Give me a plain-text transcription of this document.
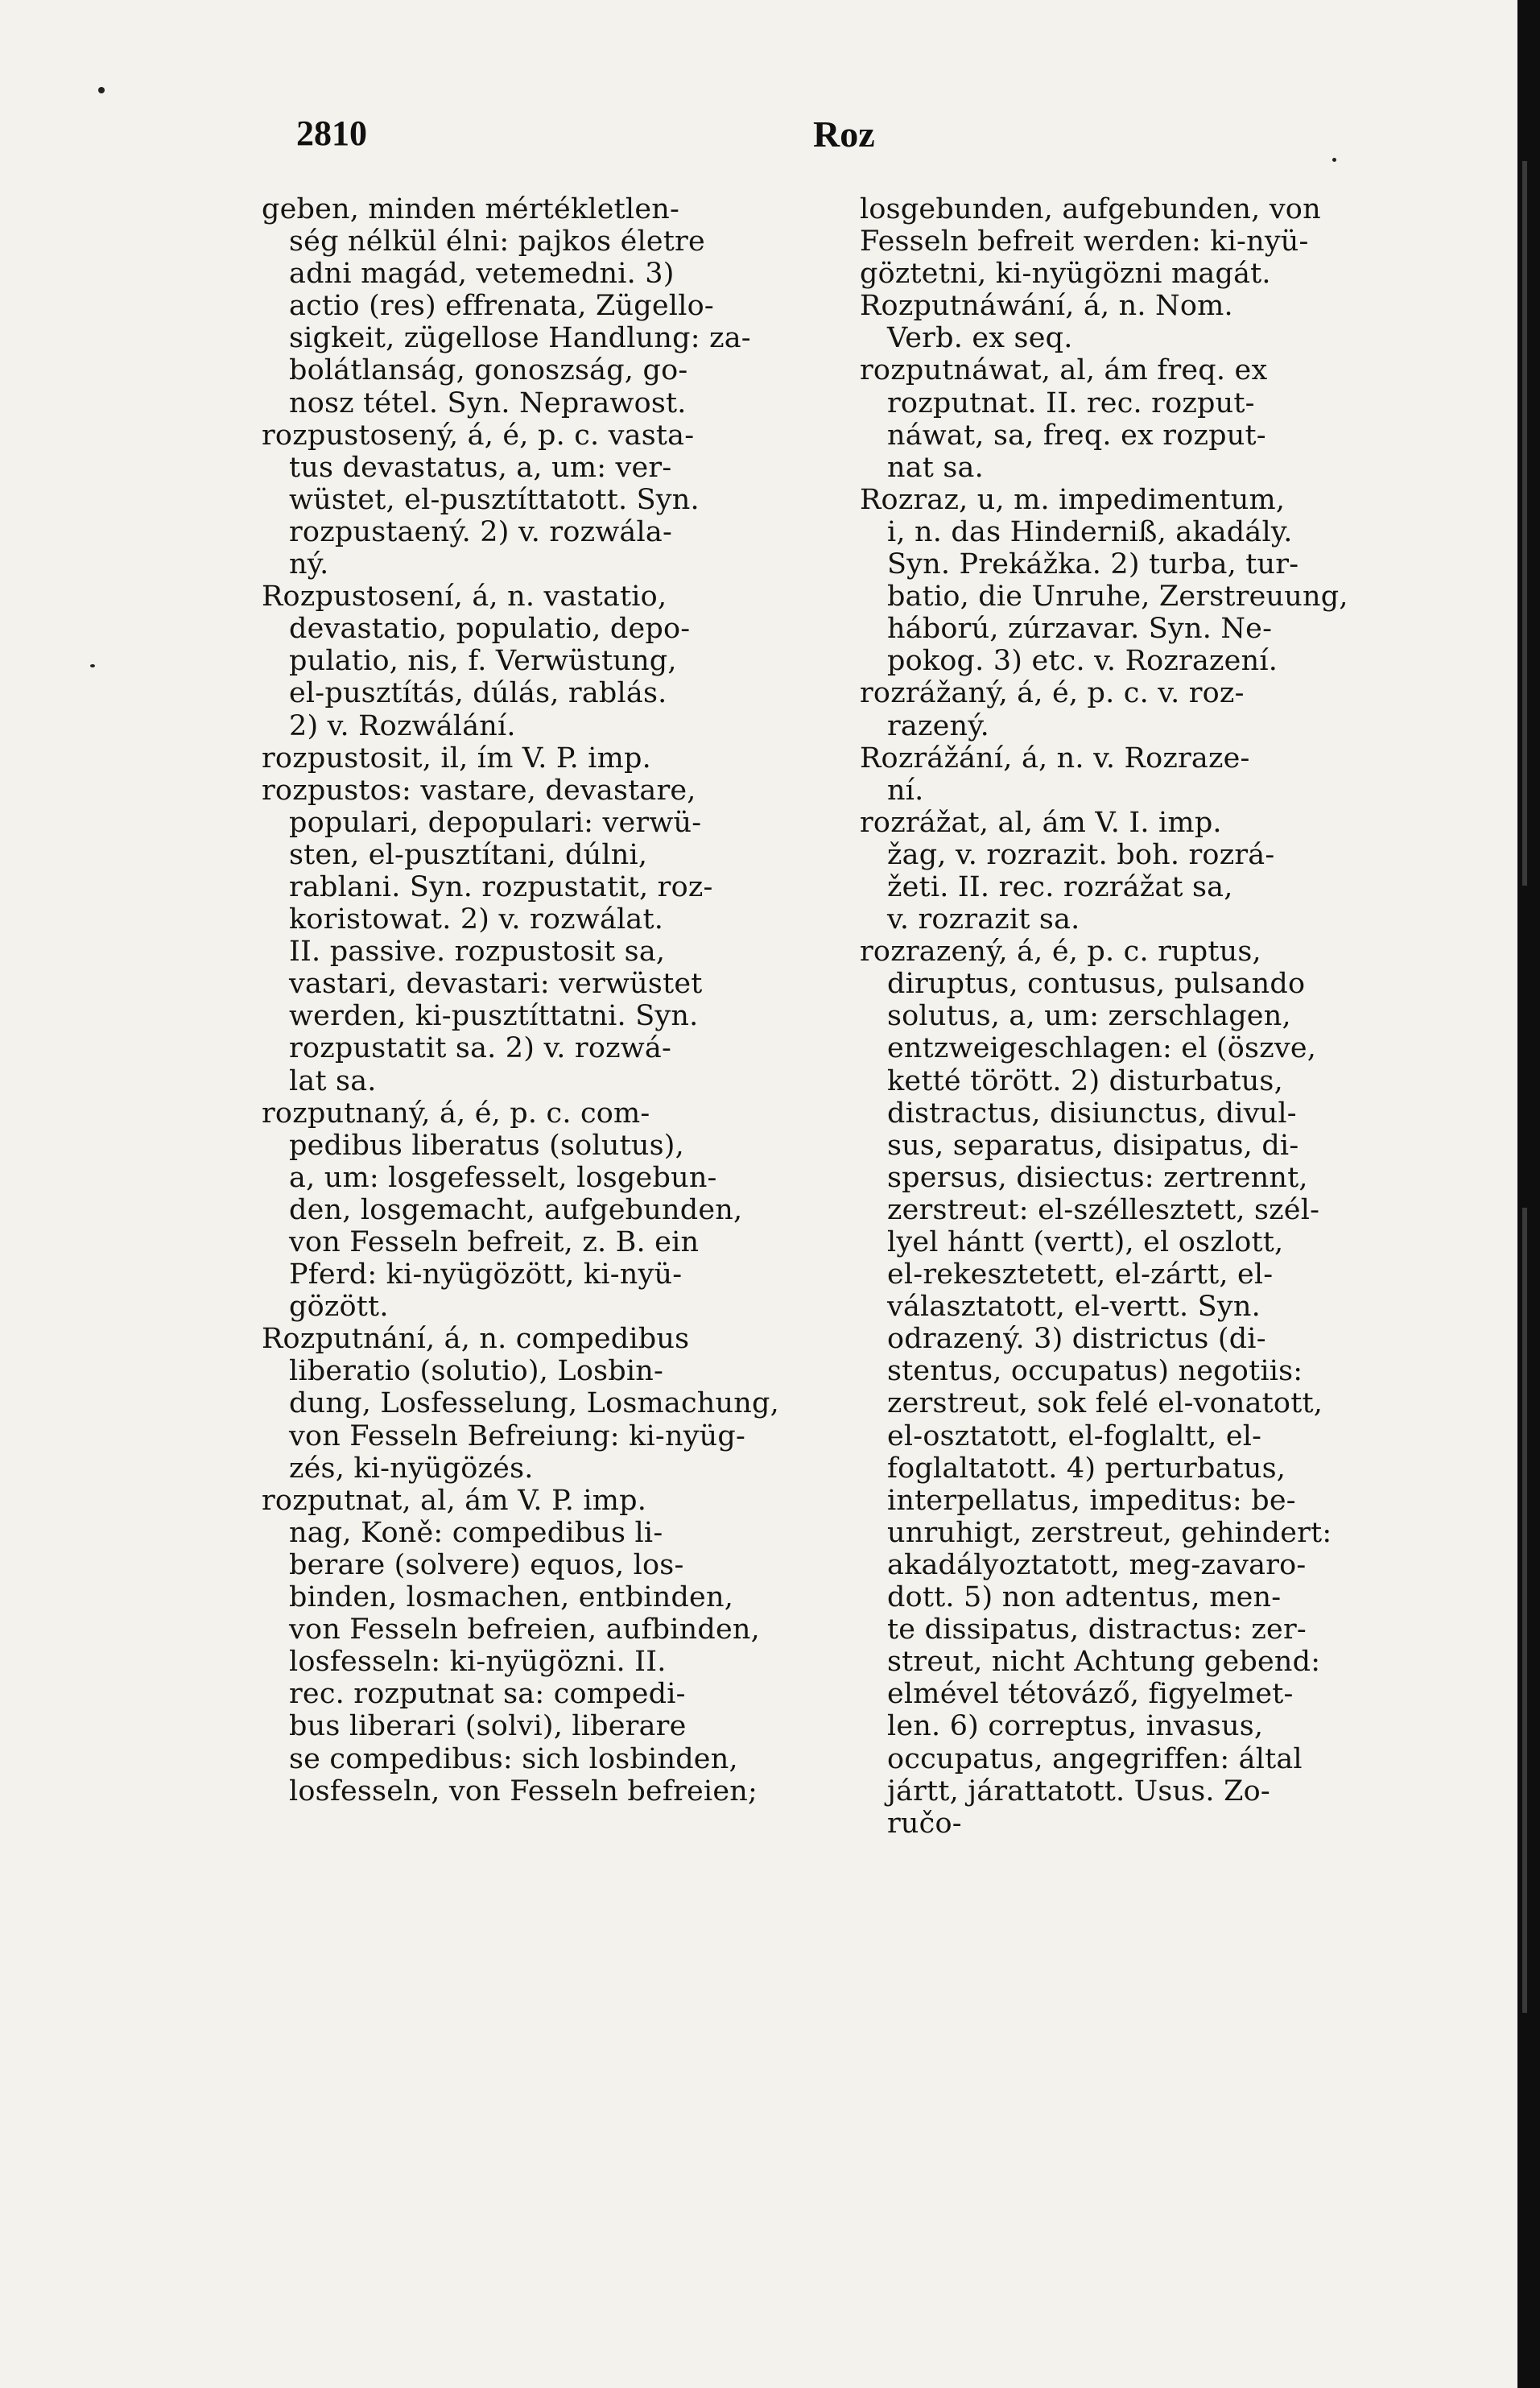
2810	Roz
geben, minden mértékletlen-
ség nélkül élni: pajkos életre
adni magád, vetemedni. 3)
actio (res) effrenata, Zügello-
sigkeit, zügellose Handlung: za-
bolátlanság, gonoszság, go-
nosz tétel. Syn. Neprawost.
rozpustosený, á, é, p. c. vasta-
tus devastatus, a, um: ver-
wüstet, el-pusztíttatott. Syn.
rozpustaený. 2) v. rozwála-
ný.
Rozpustosení, á, n. vastatio,
devastatio, populatio, depo-
pulatio, nis, f. Verwüstung,
el-pusztítás, dúlás, rablás.
2) v. Rozwálání.
rozpustosit, il, ím V. P. imp.
rozpustos: vastare, devastare,
populari, depopulari: verwü-
sten, el-pusztítani, dúlni,
rablani. Syn. rozpustatit, roz-
koristowat. 2) v. rozwálat.
II. passive. rozpustosit sa,
vastari, devastari: verwüstet
werden, ki-pusztíttatni. Syn.
rozpustatit sa. 2) v. rozwá-
lat sa.
rozputnaný, á, é, p. c. com-
pedibus liberatus (solutus),
a, um: losgefesselt, losgebun-
den, losgemacht, aufgebunden,
von Fesseln befreit, z. B. ein
Pferd: ki-nyügözött, ki-nyü-
gözött.
Rozputnání, á, n. compedibus
liberatio (solutio), Losbin-
dung, Losfesselung, Losmachung,
von Fesseln Befreiung: ki-nyüg-
zés, ki-nyügözés.
rozputnat, al, ám V. P. imp.
nag, Koně: compedibus li-
berare (solvere) equos, los-
binden, losmachen, entbinden,
von Fesseln befreien, aufbinden,
losfesseln: ki-nyügözni. II.
rec. rozputnat sa: compedi-
bus liberari (solvi), liberare
se compedibus: sich losbinden,
losfesseln, von Fesseln befreien;
losgebunden, aufgebunden, von
Fesseln befreit werden: ki-nyü-
göztetni, ki-nyügözni magát.
Rozputnáwání, á, n. Nom.
Verb. ex seq.
rozputnáwat, al, ám freq. ex
rozputnat. II. rec. rozput-
náwat, sa, freq. ex rozput-
nat sa.
Rozraz, u, m. impedimentum,
i, n. das Hinderniß, akadály.
Syn. Prekážka. 2) turba, tur-
batio, die Unruhe, Zerstreuung,
háború, zúrzavar. Syn. Ne-
pokog. 3) etc. v. Rozrazení.
rozrážaný, á, é, p. c. v. roz-
razený.
Rozrážání, á, n. v. Rozraze-
ní.
rozrážat, al, ám V. I. imp.
žag, v. rozrazit. boh. rozrá-
žeti. II. rec. rozrážat sa,
v. rozrazit sa.
rozrazený, á, é, p. c. ruptus,
diruptus, contusus, pulsando
solutus, a, um: zerschlagen,
entzweigeschlagen: el (öszve,
ketté törött. 2) disturbatus,
distractus, disiunctus, divul-
sus, separatus, disipatus, di-
spersus, disiectus: zertrennt,
zerstreut: el-széllesztett, szél-
lyel hántt (vertt), el oszlott,
el-rekesztetett, el-zártt, el-
választatott, el-vertt. Syn.
odrazený. 3) districtus (di-
stentus, occupatus) negotiis:
zerstreut, sok felé el-vonatott,
el-osztatott, el-foglaltt, el-
foglaltatott. 4) perturbatus,
interpellatus, impeditus: be-
unruhigt, zerstreut, gehindert:
akadályoztatott, meg-zavaro-
dott. 5) non adtentus, men-
te dissipatus, distractus: zer-
streut, nicht Achtung gebend:
elmével tétováző, figyelmet-
len. 6) correptus, invasus,
occupatus, angegriffen: által
jártt, járattatott. Usus. Zo-
ručo-
